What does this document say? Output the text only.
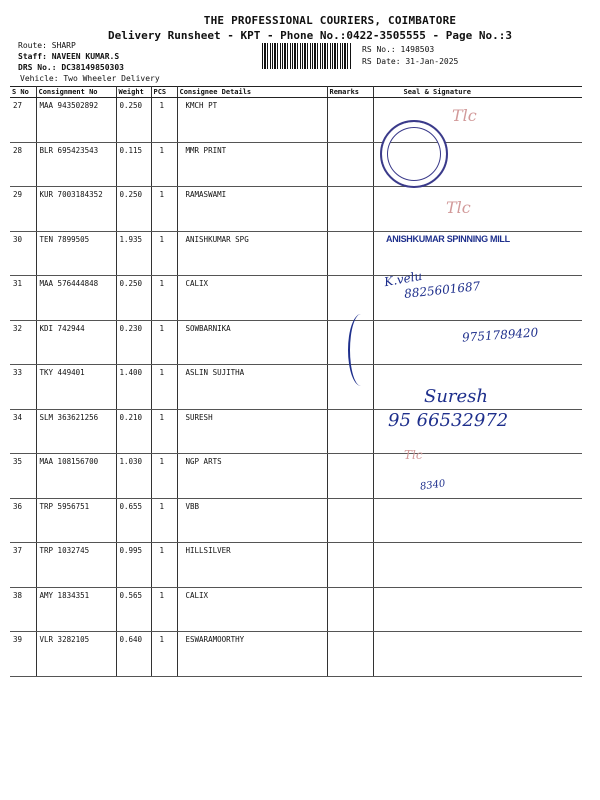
THE PROFESSIONAL COURIERS, COIMBATORE
Delivery Runsheet - KPT - Phone No.:0422-3505555 - Page No.:3
Route: SHARP
Staff: NAVEEN KUMAR.S
DRS No.: DC3814985030З
Vehicle: Two Wheeler Delivery
RS No.: 1498503
RS Date: 31-Jan-2025
S No	Consignment No	Weight	PCS	Consignee Details	Remarks	Seal & Signature
27	MAA 943502892	0.250	1	KMCH PT		
28	BLR 695423543	0.115	1	MMR PRINT		
29	KUR 7003184352	0.250	1	RAMASWAMI		
30	TEN 7899505	1.935	1	ANISHKUMAR SPG		
31	MAA 576444848	0.250	1	CALIX		
32	KDI 742944	0.230	1	SOWBARNIKA		
33	TKY 449401	1.400	1	ASLIN SUJITHA		
34	SLM 363621256	0.210	1	SURESH		
35	MAA 108156700	1.030	1	NGP ARTS		
36	TRP 5956751	0.655	1	VBB		
37	TRP 1032745	0.995	1	HILLSILVER		
38	AMY 1834351	0.565	1	CALIX		
39	VLR 3282105	0.640	1	ESWARAMOORTHY		
Tlc
Tlc
ANISHKUMAR SPINNING MILL
K.velu
8825601687
9751789420
Suresh
95 66532972
Tlc
8340
